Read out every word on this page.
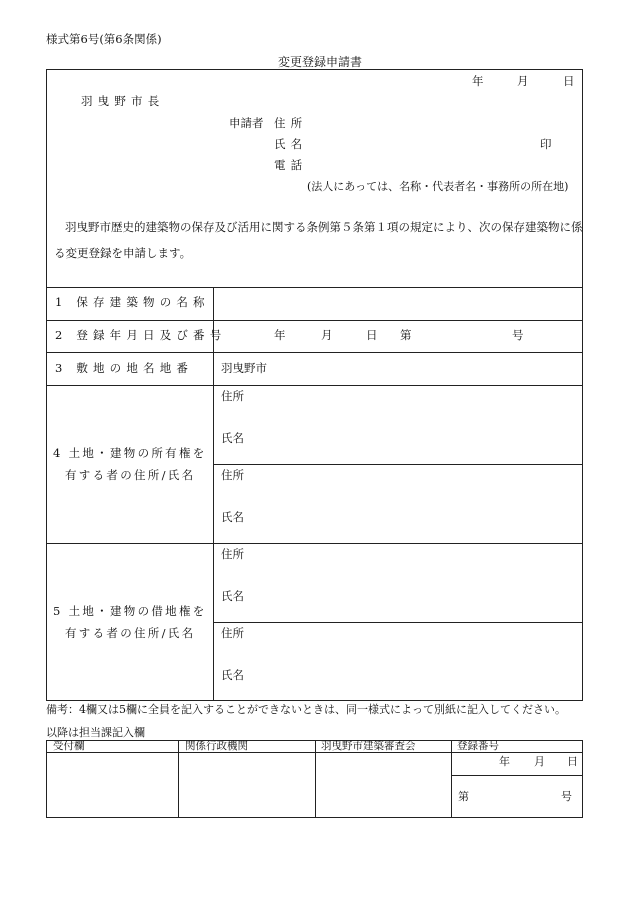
様式第6号(第6条関係)
変更登録申請書
年	月	日
羽曳野市長
申請者 住所
氏名	印
電話
(法人にあっては、名称・代表者名・事務所の所在地)
羽曳野市歴史的建築物の保存及び活用に関する条例第５条第１項の規定により、次の保存建築物に係る変更登録を申請します。
1 保存建築物の名称
2 登録年月日及び番号	年	月	日 第	号
3 敷地の地名地番 羽曳野市
4 土地・建物の所有権を
有する者の住所/氏名
住所
氏名
住所
氏名
5 土地・建物の借地権を
有する者の住所/氏名
住所
氏名
住所
氏名
備考：4欄又は5欄に全員を記入することができないときは、同一様式によって別紙に記入してください。
以降は担当課記入欄
受付欄	関係行政機関	羽曳野市建築審査会	登録番号
年 月 日
第	号
